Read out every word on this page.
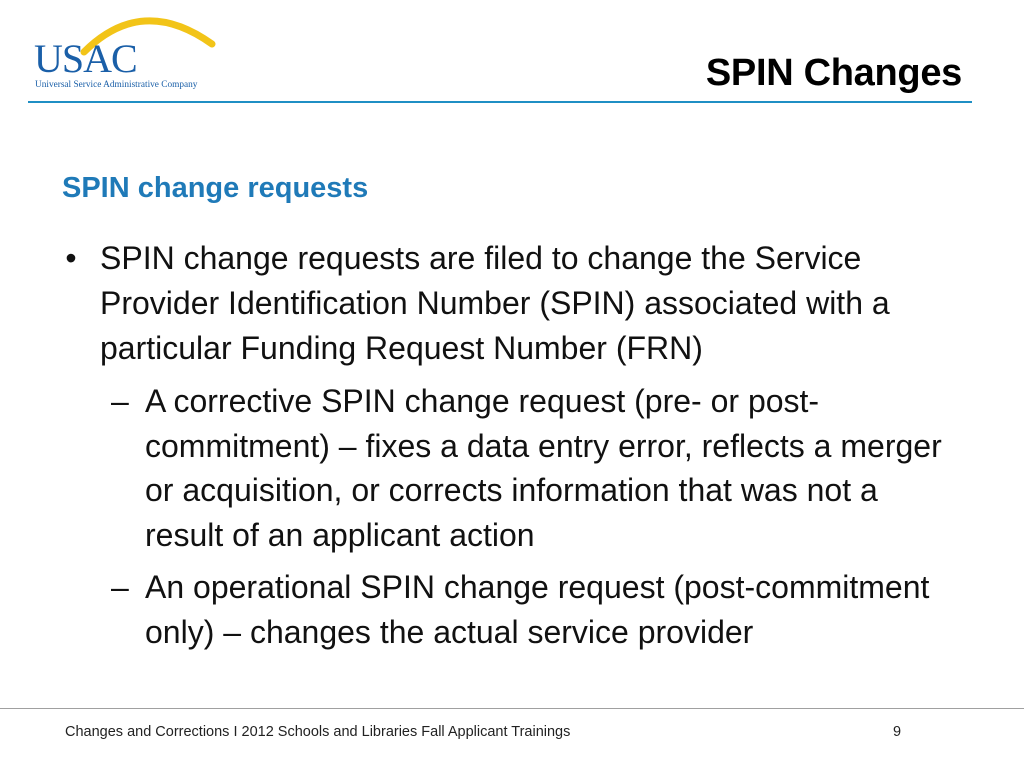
USAC
Universal Service Administrative Company	SPIN Changes
SPIN change requests

• SPIN change requests are filed to change the Service Provider Identification Number (SPIN) associated with a particular Funding Request Number (FRN)

– A corrective SPIN change request (pre- or post-commitment) – fixes a data entry error, reflects a merger or acquisition, or corrects information that was not a result of an applicant action

– An operational SPIN change request (post-commitment only) – changes the actual service provider

Changes and Corrections I 2012 Schools and Libraries Fall Applicant Trainings	9
